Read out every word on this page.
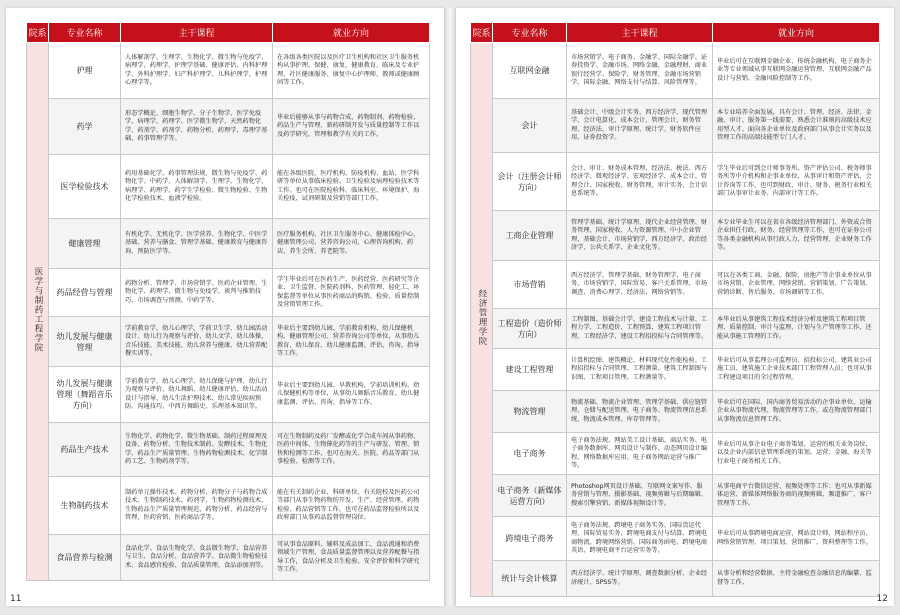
院系	专业名称	主干课程	就业方向
医学与制药工程学院	护理	人体解剖学、生理学、生物化学、微生物与免疫学、病理学、药理学、护理学基础、健康评估、内科护理学、外科护理学、妇产科护理学、儿科护理学、护理心理学等。	在各级各类医院以及医疗卫生机构和社区卫生服务机构从事护理、保健、康复、健康教育、临床及专业护理、社区健康服务、康复中心护理师、教师或健康顾问等工作。
	药学	形态学概论、细胞生物学、分子生物学、医学免疫学、病理学、药理学、医学微生物学、天然药物化学、药剂学、药剂学、药物分析、药理学、毒理学基础、药事管理学等。	毕业后能够从事与药物合成、药物制剂、药物检验、药品生产与管理、新药研制开发与质量控制等工作以及药学研究、管理和教学有关的工作。
	医学检验技术	药用基础化学、药事管理法规、微生物与免疫学、药物化学、中药学、人体解剖学、生理学、生物化学、病理学、药理学、药学生学检验、微生物检验、生物化学检验技术、血液学检验。	能在各级医院、医疗机构、防疫机构、血站、医学科研等单位从事临床检验、卫生检验及病理检验技术等工作。也可在医院检验科、临床科室、环境保护、海关检疫、试剂研制及营销等部门工作。
	健康管理	有机化学、无机化学、医学营养、生物化学、中医学基础、营养与膳食、管理学基础、健康教育与健康咨询、预防医学等。	医疗服务机构、社区卫生服务中心、健康体检中心、健康管理公司、营养咨询公司、心理咨询机构、药店、养生会所、养老院等。
	药品经营与管理	药物分析、管理学、市场营销学、医药企业管理、生物化学、药理学、微生物与免疫学、谈判与推销技巧、市场调查与预测、中药学等。	学生毕业后可在医药生产、医药经营、医药研究等企业、卫生监督、医院药剂科、医药管理、轻化工、环保监督等单位从事医药商品的购销、检验、质量控制及营销管理工作。
	幼儿发展与健康管理	学前教育学、幼儿心理学、学前卫生学、幼儿园活动设计、幼儿行为观察与评价、幼儿文学、幼儿体操、音乐技能、美术技能、幼儿营养与健康、幼儿营养配餐实训等。	毕业后主要到幼儿园、学前教育机构、幼儿保健机构、健康管理公司、营养咨询公司等单位，从事幼儿教育、幼儿保育、幼儿健康监测、评估、咨询、指导等工作。
	幼儿发展与健康管理（舞蹈音乐方向）	学前教育学、幼儿心理学、幼儿保健与护理、幼儿行为观察与评价、幼儿舞蹈、幼儿健康评估、幼儿活动设计与指导、幼儿生活护理技术、幼儿常见疾病预防、沟通技巧、中西方舞蹈史、乐理基本知识等。	毕业后主要到幼儿园、早教机构、学前培训机构、幼儿保健机构等单位，从事幼儿舞蹈音乐教育、幼儿健康监测、评估、咨询、指导等工作。
	药品生产技术	生物化学、药物化学、微生物基础、制药过程原理及设备、药物分析、生物技术制药、发酵技术、生物化学、药品生产质量管理、生物药物检测技术、化学制药工艺、生物药剂学等。	可在生物制药及药厂发酵或化学合成车间从事药物、医药中间体、生物催化药等的生产与研发、管理、销售和检测等工作，也可在海关、医院、药品等部门从事检验、检测等工作。
	生物制药技术	制药单元操作技术、药物分析、药物分子与药物合成技术、生物制药技术、药剂学、生物药物检测技术、生物药品生产质量管理规范、药物分析、药品经营与管理、医药营销、医药商品学等。	能在有关制药企业、科研单位、有关院校及医药公司等部门从事生物药物的开发、生产、经营管理、药物检验、药品营销等工作，也可在药品监督检验所以及政府部门从事药品监督管理岗位。
	食品营养与检测	食品化学、食品生物化学、食品微生物学、食品营养与卫生、食品分析、食品营养学、食品微生物检验技术、食品感官检验、食品质量管理、食品添加剂等。	可从事食品原料、辅料及成品加工、食品流通和消费领域生产管理、食品质量监督管理以及营养配餐与指导工作，食品分析及卫生检验、安全评价和科学研究等工作。
11
院系	专业名称	主干课程	就业方向
经济管理学院	互联网金融	市场营销学、电子商务、金融学、国际金融学、证券投资学、金融市场、网络金融、金融理财、商业银行经营学、保险学、财务管理、金融市场营销学、国际金融、网络支付与结算、风险管理等。	毕业后可在互联网金融企业、传统金融机构、电子商务企业等专业领域从事互联网金融运营管理、互联网金融产品设计与营销、金融风险控制等工作。
	会计	基础会计、中级会计实务、西方经济学、现代管理学、会计电算化、成本会计、管理会计、财务管理、经济法、审计学原理、统计学、财务软件应用、证券投资学。	本专业培养全面发展，具有会计、管理、经济、法律、金融、审计、服务第一线需要、熟悉会计准则的高级技术应用型人才。面向各企业单位及政府部门从事会计实务以及管理工作的高端技能型专门人才。
	会计（注册会计师方向）	会计、审计、财务成本管理、经济法、税法、西方经济学、微观经济学、宏观经济学、成本会计、管理会计、国家税收、财务管理、审计实务、会计信息系统等。	学生毕业后可到会计师事务所、资产评估公司、税务师事务所等中介机构和企事业单位，从事审计和资产评估、会计咨询等工作，也可到财政、审计、财务、税务行业相关部门从事审计业务、内部审计等工作。
	工商企业管理	管理学基础、统计学原理、现代企业经营管理、财务管理、国家税收、人力资源管理、中小企业管理、基础会计、市场营销学、西方经济学、政治经济学、公共关系学、企业文化等。	本专业毕业生可以在省市各级经济管理部门、外资或合资企业担任行政、财务、经营管理等工作，也可在证券公司等各类金融机构从事行政人力、经营管理、企业财务工作等。
	市场营销	西方经济学、管理学基础、财务管理学、电子商务、市场营销学、国际贸易、客户关系管理、市场调查、消费心理学、经济法、网络营销等。	可以在各类工商、金融、保险、房地产等企事业单位从事市场营销、企业管理、网络营销、营销策划、广告策划、营销诊断、售后服务、市场调研等工作。
	工程造价（造价师方向）	工程制图、基础会计学、建设工程技术与计量、工程力学、工程造价、工程预算、建筑工程项目管理、工程经济学、建设工程招投标与合同管理等。	本毕业后从事建筑工程技术经济分析及建筑工程项目管理、质量控制、审计与监理、计划与生产管理等工作，还能从事施工管理的工作。
	建设工程管理	计算机绘图、建筑概论、材料现代化性能检验、工程招投标与合同管理、工程测量、建筑工程制图与识图、工程项目管理、工程测量等。	毕业后可从事监理公司监理员、招投标公司、建筑业公司施工员、建筑施工企业技术部门工程管理人员；也可从事工程建设项目的全过程管理。
	物流管理	物流基础、物流企业管理、管理学基础、供应链管理、仓储与配送管理、电子商务、物流管理信息系统、物流成本管理、库存管理等。	毕业后可在国际、国内商务贸易活动的企事业单位、运输企业从事物流代理、物流管理等工作，或在物流管理部门从事物流信息管理工作。
	电子商务	电子商务法规、网站美工设计基础、商品实务、电子商务数据库、网页设计与制作、动态网页设计编程、网络数据库应用、电子商务网站运营与推广等。	毕业后可从事企业电子商务策划、运营的相关业务岗位，以及企业内部信息管理系统的策划、运营；金融、海关等行业电子商务相关工作。
	电子商务（新媒体运营方向）	Photoshop网页设计基础、互联网文案写作、服务营销与管理、摄影基础、视频剪辑与后期编辑、搜索引擎营销、新媒体视频设计等。	从事电商平台微信运营、视频处理等工作；也可从事新媒体运营、新媒体网络服务商的视频剪辑、频道推广、客户管理等工作。
	跨境电子商务	电子商务法规、跨境电子商务实务、国际货运代理、国际贸易实务、跨境电商支付与结算、跨境电商物流、跨境网络营销、国际商务函电、跨境电商英语、跨境电商平台运营实务等。	毕业后可从事跨境电商运营、网站设计师、网站程序员、网络营销管理、项目策划、营销推广、资料整理等工作。
	统计与会计核算	西方经济学、统计学原理、调查数据分析、企业经济统计、SPSS等。	从事分析和经营数据、主持金融检查金融信息的编纂、监督等工作。
12
